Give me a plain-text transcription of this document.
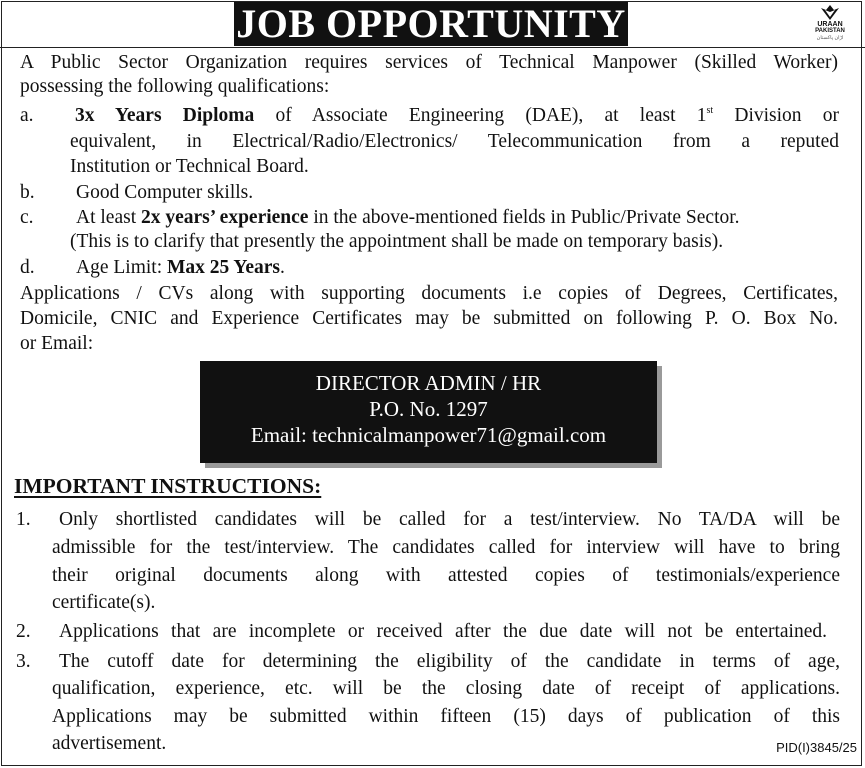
JOB OPPORTUNITY	URAAN
PAKISTAN
اڑان پاکستان
A Public Sector Organization requires services of Technical Manpower (Skilled Worker)
possessing the following qualifications:
a. 3x Years Diploma of Associate Engineering (DAE), at least 1st Division or
equivalent, in Electrical/Radio/Electronics/ Telecommunication from a reputed
Institution or Technical Board.
b. Good Computer skills.
c. At least 2x years’ experience in the above-mentioned fields in Public/Private Sector.
(This is to clarify that presently the appointment shall be made on temporary basis).
d. Age Limit: Max 25 Years.
Applications / CVs along with supporting documents i.e copies of Degrees, Certificates,
Domicile, CNIC and Experience Certificates may be submitted on following P. O. Box No.
or Email:
DIRECTOR ADMIN / HR
P.O. No. 1297
Email: technicalmanpower71@gmail.com
IMPORTANT INSTRUCTIONS:
1. Only shortlisted candidates will be called for a test/interview. No TA/DA will be
admissible for the test/interview. The candidates called for interview will have to bring
their original documents along with attested copies of testimonials/experience
certificate(s).
2. Applications that are incomplete or received after the due date will not be entertained.
3. The cutoff date for determining the eligibility of the candidate in terms of age,
qualification, experience, etc. will be the closing date of receipt of applications.
Applications may be submitted within fifteen (15) days of publication of this
advertisement.	PID(I)3845/25
